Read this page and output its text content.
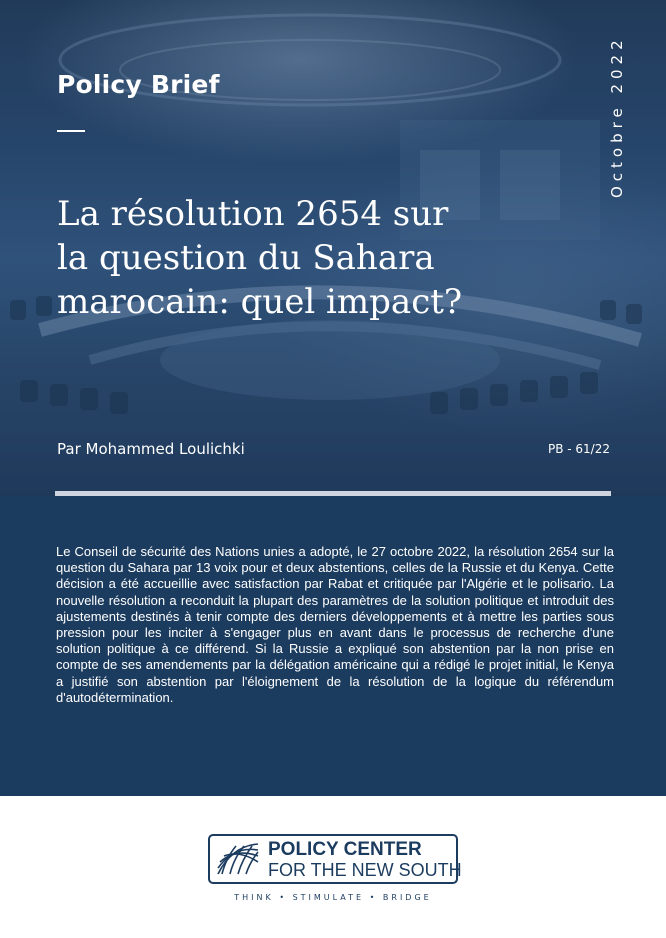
Policy Brief
La résolution 2654 sur la question du Sahara marocain: quel impact?
Octobre 2022
Par Mohammed Loulichki	PB - 61/22

Le Conseil de sécurité des Nations unies a adopté, le 27 octobre 2022, la résolution 2654 sur la question du Sahara par 13 voix pour et deux abstentions, celles de la Russie et du Kenya. Cette décision a été accueillie avec satisfaction par Rabat et critiquée par l'Algérie et le polisario. La nouvelle résolution a reconduit la plupart des paramètres de la solution politique et introduit des ajustements destinés à tenir compte des derniers développements et à mettre les parties sous pression pour les inciter à s'engager plus en avant dans le processus de recherche d'une solution politique à ce différend. Si la Russie a expliqué son abstention par la non prise en compte de ses amendements par la délégation américaine qui a rédigé le projet initial, le Kenya a justifié son abstention par l'éloignement de la résolution de la logique du référendum d'autodétermination.

POLICY CENTER
FOR THE NEW SOUTH
THINK • STIMULATE • BRIDGE
